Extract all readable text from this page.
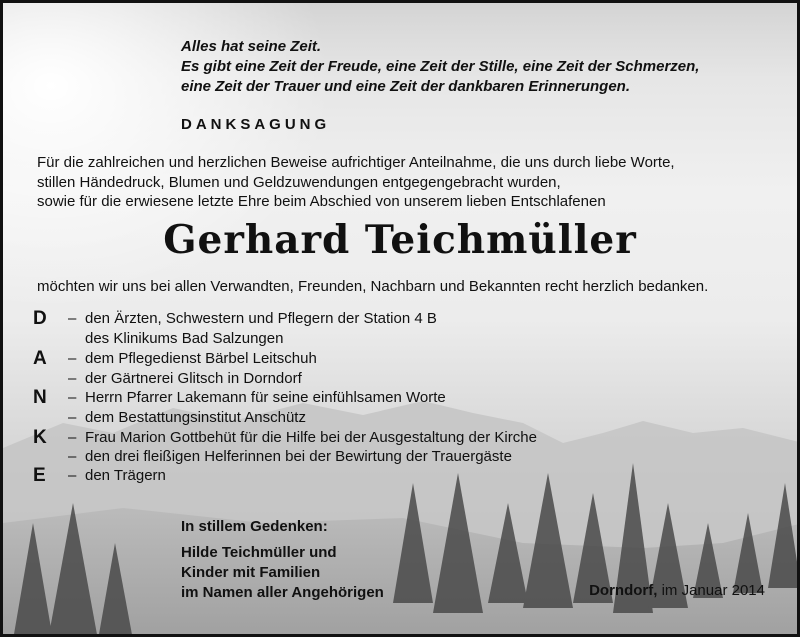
Alles hat seine Zeit.
Es gibt eine Zeit der Freude, eine Zeit der Stille, eine Zeit der Schmerzen,
eine Zeit der Trauer und eine Zeit der dankbaren Erinnerungen.
DANKSAGUNG
Für die zahlreichen und herzlichen Beweise aufrichtiger Anteilnahme, die uns durch liebe Worte,
stillen Händedruck, Blumen und Geldzuwendungen entgegengebracht wurden,
sowie für die erwiesene letzte Ehre beim Abschied von unserem lieben Entschlafenen
Gerhard Teichmüller
möchten wir uns bei allen Verwandten, Freunden, Nachbarn und Bekannten recht herzlich bedanken.
D	– den Ärzten, Schwestern und Pflegern der Station 4 B
des Klinikums Bad Salzungen
A	– dem Pflegedienst Bärbel Leitschuh
– der Gärtnerei Glitsch in Dorndorf
N	– Herrn Pfarrer Lakemann für seine einfühlsamen Worte
– dem Bestattungsinstitut Anschütz
K	– Frau Marion Gottbehüt für die Hilfe bei der Ausgestaltung der Kirche
– den drei fleißigen Helferinnen bei der Bewirtung der Trauergäste
E	– den Trägern
In stillem Gedenken:
Hilde Teichmüller und
Kinder mit Familien
im Namen aller Angehörigen	Dorndorf, im Januar 2014
